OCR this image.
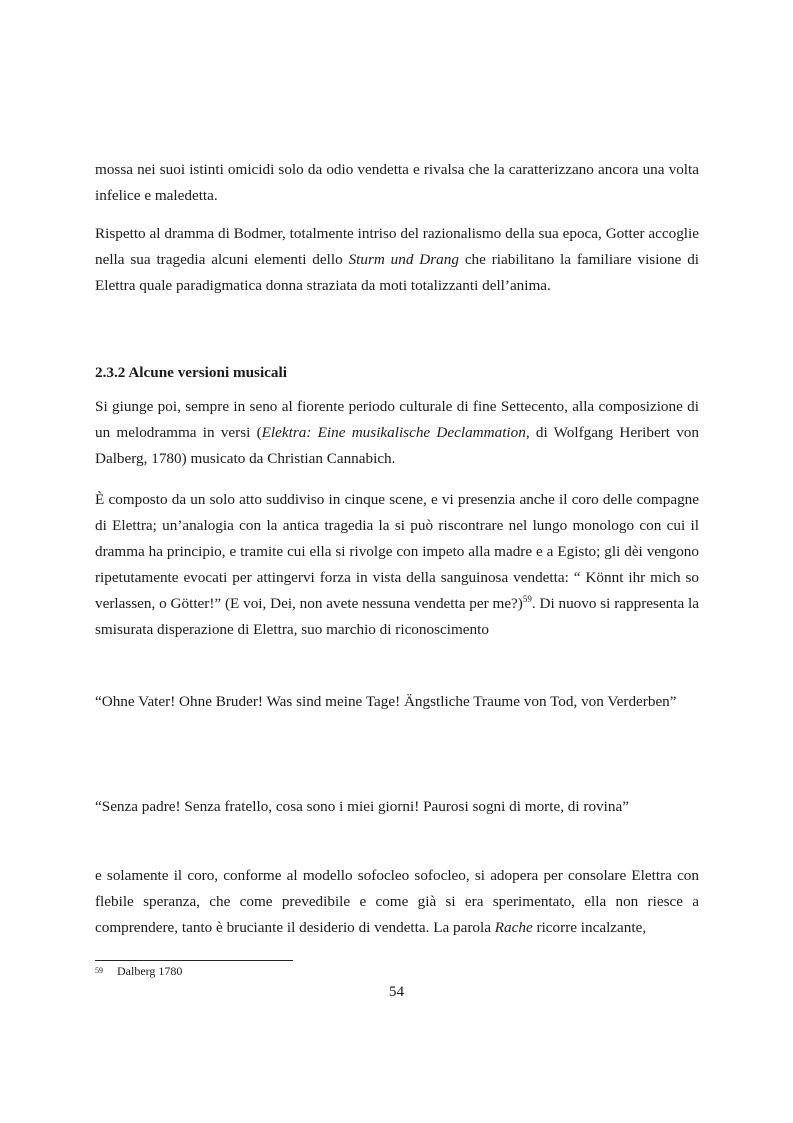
mossa nei suoi istinti omicidi solo da odio vendetta e rivalsa che la caratterizzano ancora una volta infelice e maledetta.

Rispetto al dramma di Bodmer, totalmente intriso del razionalismo della sua epoca, Gotter accoglie nella sua tragedia alcuni elementi dello Sturm und Drang che riabilitano la familiare visione di Elettra quale paradigmatica donna straziata da moti totalizzanti dell’anima.

2.3.2 Alcune versioni musicali

Si giunge poi, sempre in seno al fiorente periodo culturale di fine Settecento, alla composizione di un melodramma in versi (Elektra: Eine musikalische Declammation, di Wolfgang Heribert von Dalberg, 1780) musicato da Christian Cannabich.

È composto da un solo atto suddiviso in cinque scene, e vi presenzia anche il coro delle compagne di Elettra; un’analogia con la antica tragedia la si può riscontrare nel lungo monologo con cui il dramma ha principio, e tramite cui ella si rivolge con impeto alla madre e a Egisto; gli dèi vengono ripetutamente evocati per attingervi forza in vista della sanguinosa vendetta: “ Könnt ihr mich so verlassen, o Götter!” (E voi, Dei, non avete nessuna vendetta per me?)$^{59}$. Di nuovo si rappresenta la smisurata disperazione di Elettra, suo marchio di riconoscimento

“Ohne Vater! Ohne Bruder! Was sind meine Tage! Ängstliche Traume von Tod, von Verderben”

“Senza padre! Senza fratello, cosa sono i miei giorni! Paurosi sogni di morte, di rovina”

e solamente il coro, conforme al modello sofocleo sofocleo, si adopera per consolare Elettra con flebile speranza, che come prevedibile e come già si era sperimentato, ella non riesce a comprendere, tanto è bruciante il desiderio di vendetta. La parola Rache ricorre incalzante,

$^{59}$ Dalberg 1780
54
